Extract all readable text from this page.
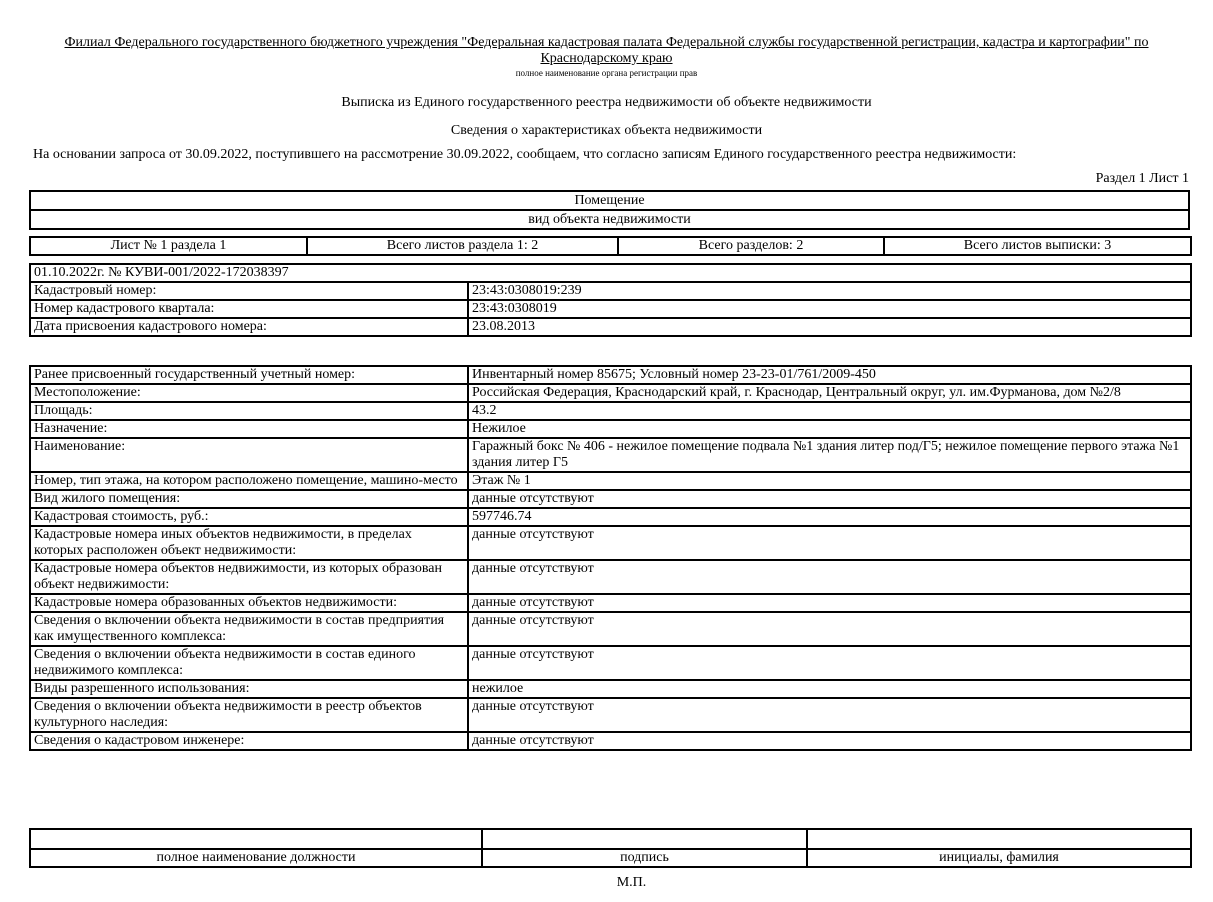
Филиал Федерального государственного бюджетного учреждения "Федеральная кадастровая палата Федеральной службы государственной регистрации, кадастра и картографии" по Краснодарскому краю
полное наименование органа регистрации прав
Выписка из Единого государственного реестра недвижимости об объекте недвижимости
Сведения о характеристиках объекта недвижимости
На основании запроса от 30.09.2022, поступившего на рассмотрение 30.09.2022, сообщаем, что согласно записям Единого государственного реестра недвижимости:
Раздел 1 Лист 1
Помещение
вид объекта недвижимости
Лист № 1 раздела 1	Всего листов раздела 1: 2	Всего разделов: 2	Всего листов выписки: 3
01.10.2022г. № КУВИ-001/2022-172038397	
Кадастровый номер:	23:43:0308019:239
Номер кадастрового квартала:	23:43:0308019
Дата присвоения кадастрового номера:	23.08.2013
Ранее присвоенный государственный учетный номер:	Инвентарный номер 85675; Условный номер 23-23-01/761/2009-450
Местоположение:	Российская Федерация, Краснодарский край, г. Краснодар, Центральный округ, ул. им.Фурманова, дом №2/8
Площадь:	43.2
Назначение:	Нежилое
Наименование:	Гаражный бокс № 406 - нежилое помещение подвала №1 здания литер под/Г5; нежилое помещение первого этажа №1 здания литер Г5
Номер, тип этажа, на котором расположено помещение, машино-место	Этаж № 1
Вид жилого помещения:	данные отсутствуют
Кадастровая стоимость, руб.:	597746.74
Кадастровые номера иных объектов недвижимости, в пределах которых расположен объект недвижимости:	данные отсутствуют
Кадастровые номера объектов недвижимости, из которых образован объект недвижимости:	данные отсутствуют
Кадастровые номера образованных объектов недвижимости:	данные отсутствуют
Сведения о включении объекта недвижимости в состав предприятия как имущественного комплекса:	данные отсутствуют
Сведения о включении объекта недвижимости в состав единого недвижимого комплекса:	данные отсутствуют
Виды разрешенного использования:	нежилое
Сведения о включении объекта недвижимости в реестр объектов культурного наследия:	данные отсутствуют
Сведения о кадастровом инженере:	данные отсутствуют

полное наименование должности	подпись	инициалы, фамилия
М.П.
